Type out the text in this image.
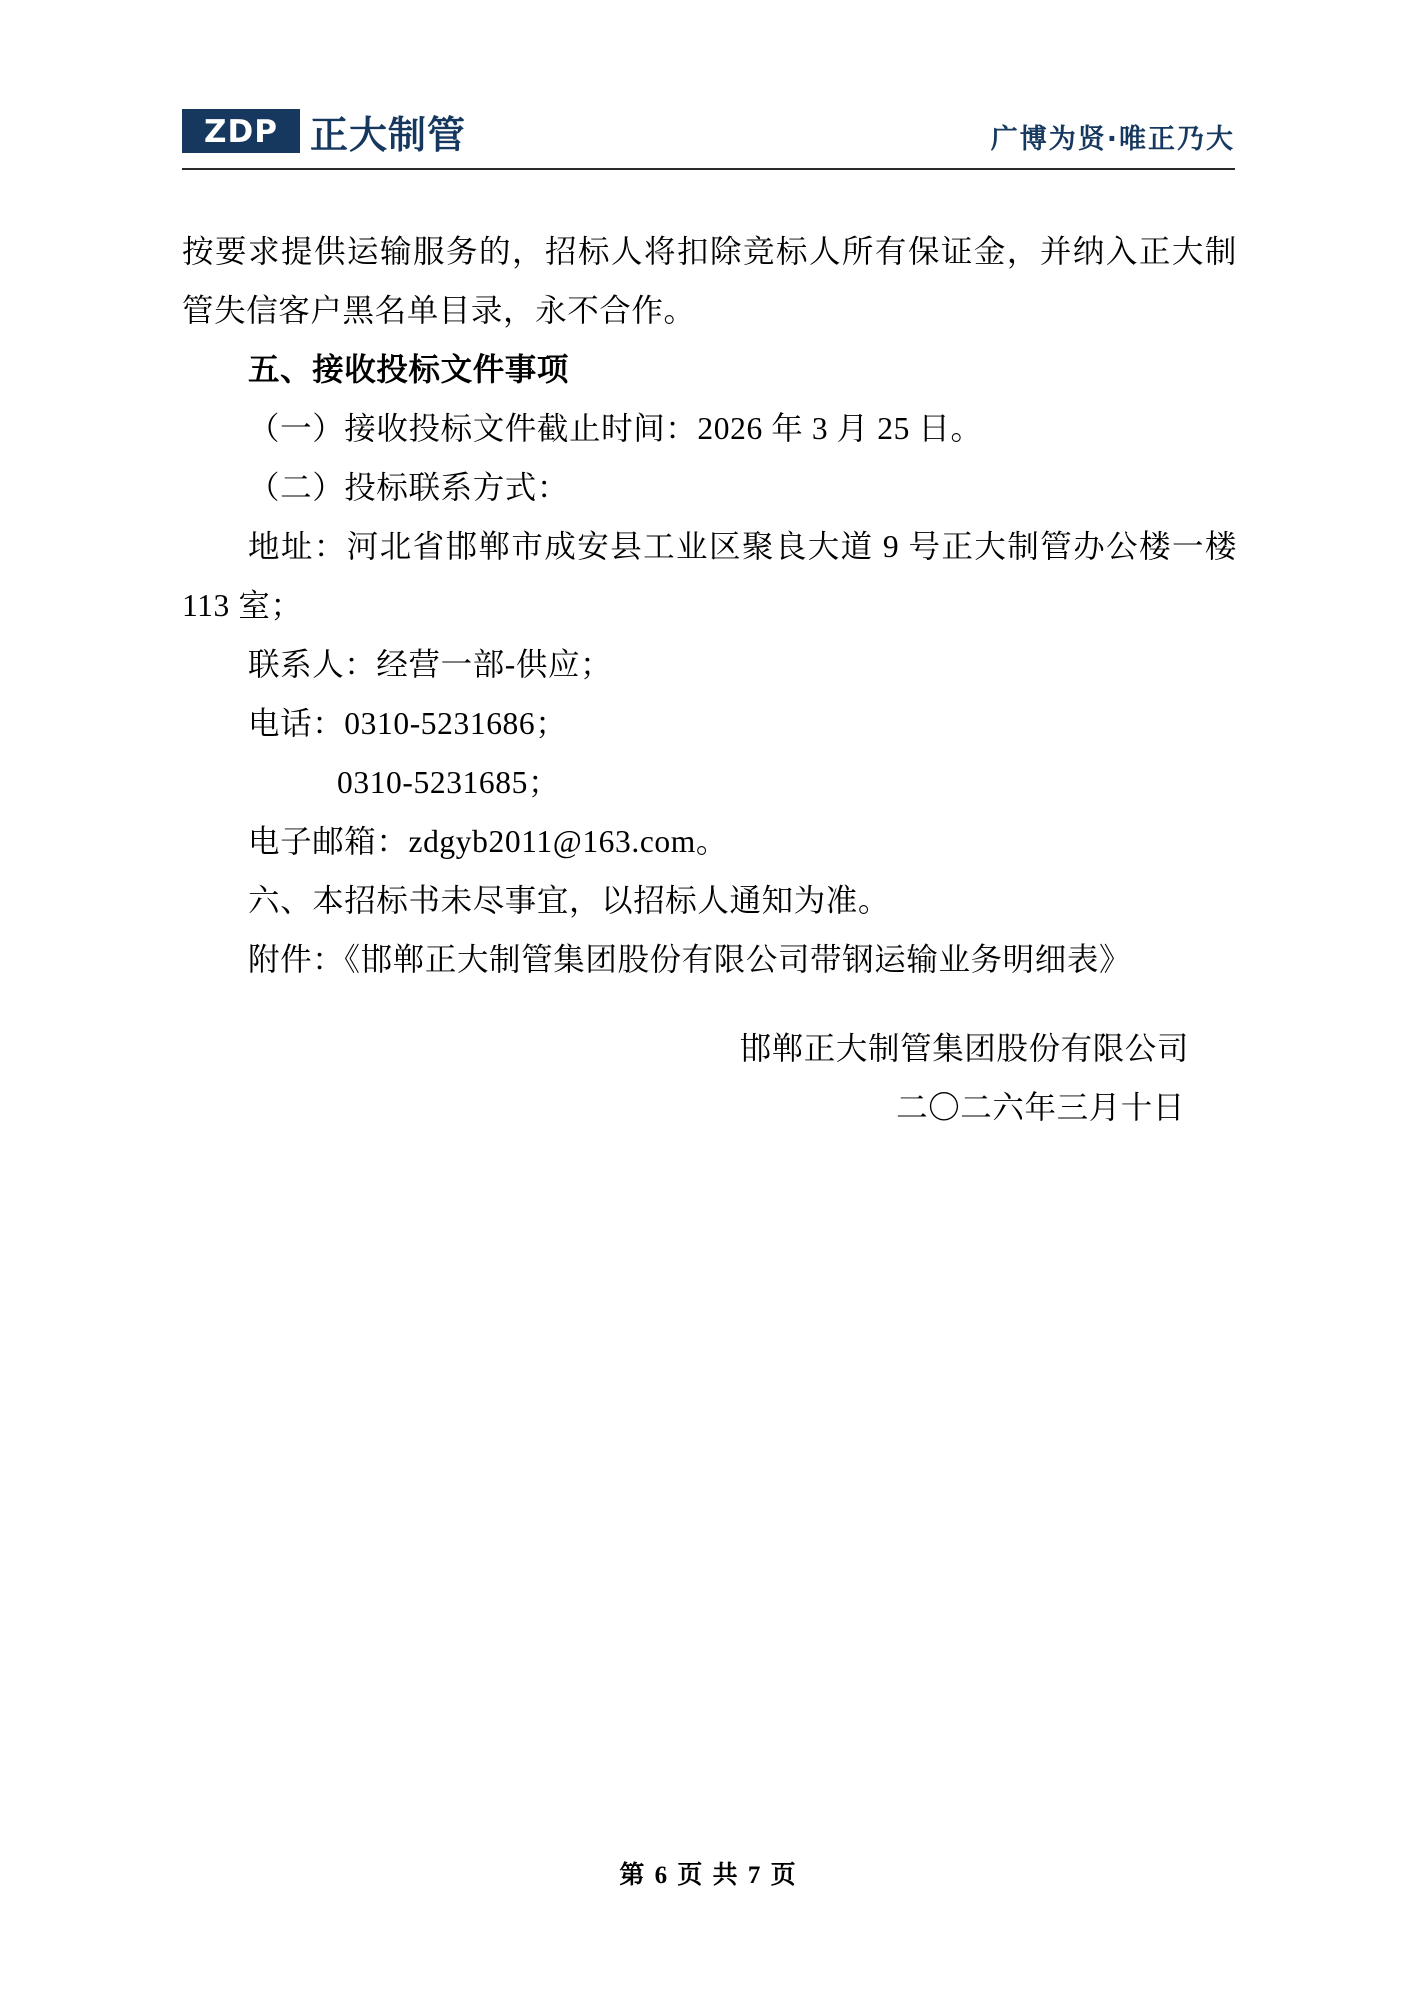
ZDP 正大制管	广博为贤·唯正乃大

按要求提供运输服务的，招标人将扣除竞标人所有保证金，并纳入正大制管失信客户黑名单目录，永不合作。

五、接收投标文件事项

（一）接收投标文件截止时间：2026 年 3 月 25 日。

（二）投标联系方式：

地址：河北省邯郸市成安县工业区聚良大道 9 号正大制管办公楼一楼 113 室；

联系人：经营一部-供应；

电话：0310-5231686；

0310-5231685；

电子邮箱：zdgyb2011@163.com。

六、本招标书未尽事宜，以招标人通知为准。

附件：《邯郸正大制管集团股份有限公司带钢运输业务明细表》

邯郸正大制管集团股份有限公司
二〇二六年三月十日
第 6 页 共 7 页
